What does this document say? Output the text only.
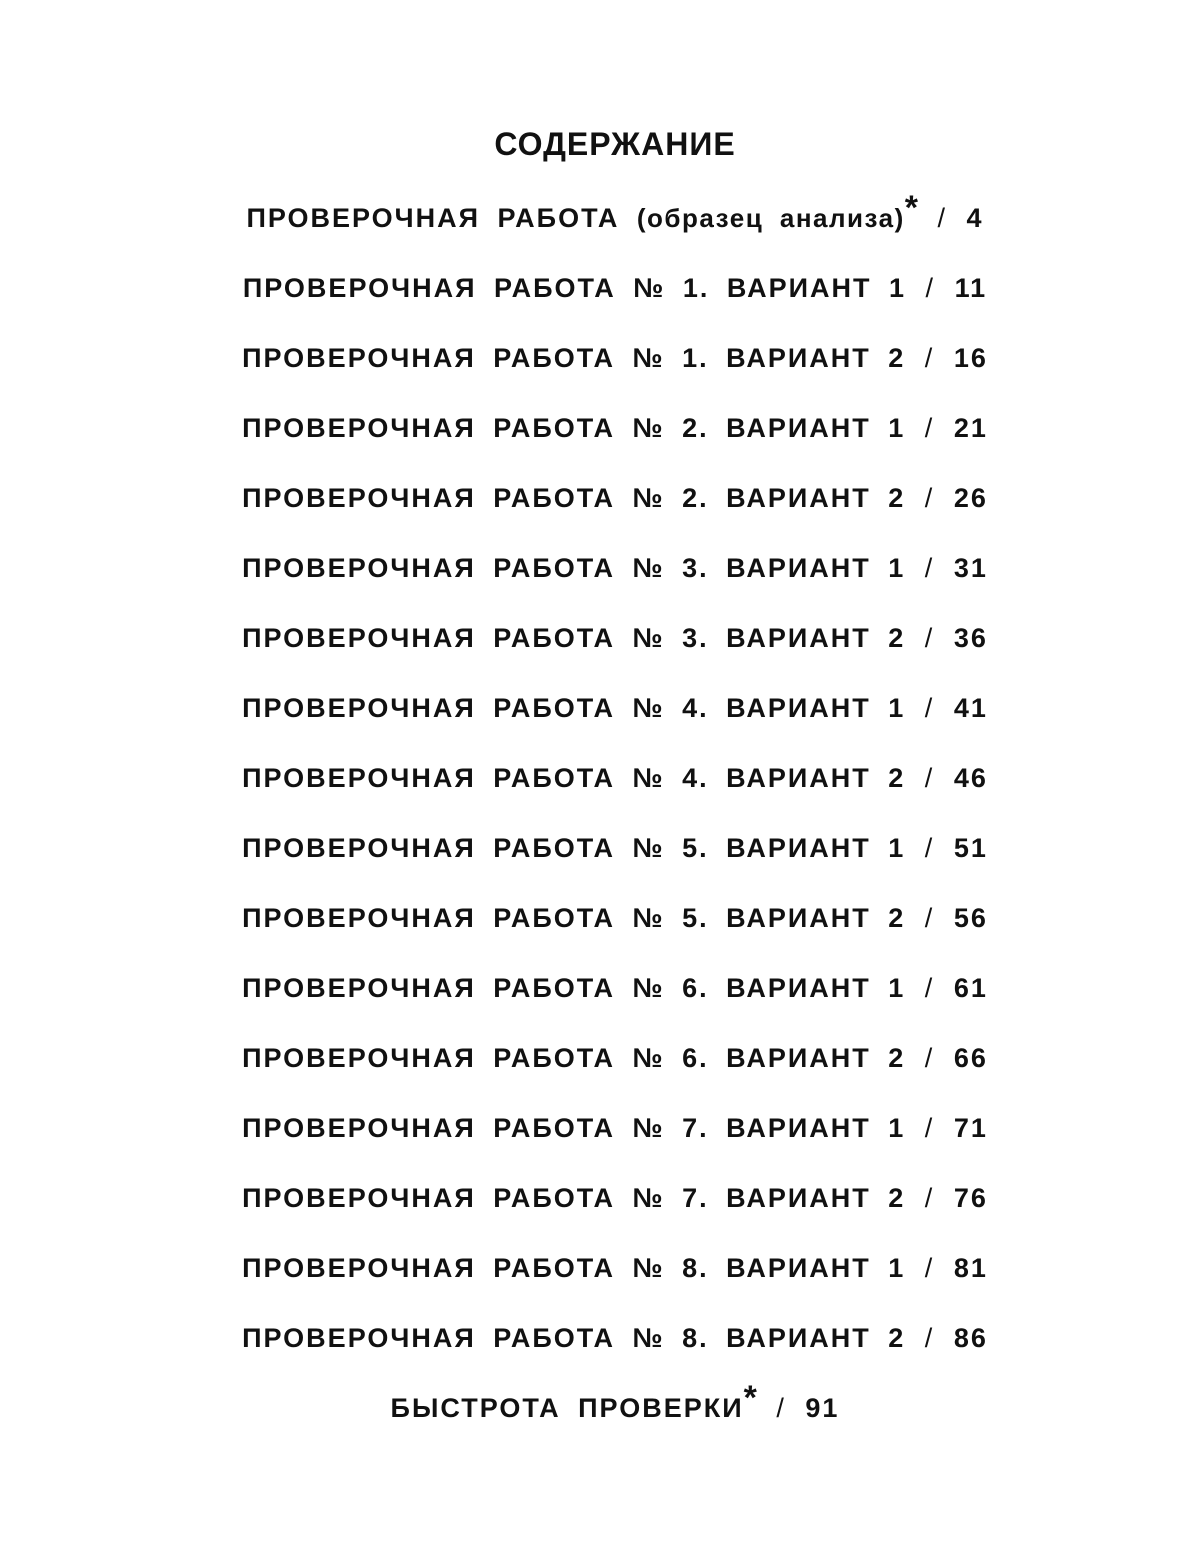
СОДЕРЖАНИЕ
ПРОВЕРОЧНАЯ РАБОТА (образец анализа)* / 4
ПРОВЕРОЧНАЯ РАБОТА № 1. ВАРИАНТ 1 / 11
ПРОВЕРОЧНАЯ РАБОТА № 1. ВАРИАНТ 2 / 16
ПРОВЕРОЧНАЯ РАБОТА № 2. ВАРИАНТ 1 / 21
ПРОВЕРОЧНАЯ РАБОТА № 2. ВАРИАНТ 2 / 26
ПРОВЕРОЧНАЯ РАБОТА № 3. ВАРИАНТ 1 / 31
ПРОВЕРОЧНАЯ РАБОТА № 3. ВАРИАНТ 2 / 36
ПРОВЕРОЧНАЯ РАБОТА № 4. ВАРИАНТ 1 / 41
ПРОВЕРОЧНАЯ РАБОТА № 4. ВАРИАНТ 2 / 46
ПРОВЕРОЧНАЯ РАБОТА № 5. ВАРИАНТ 1 / 51
ПРОВЕРОЧНАЯ РАБОТА № 5. ВАРИАНТ 2 / 56
ПРОВЕРОЧНАЯ РАБОТА № 6. ВАРИАНТ 1 / 61
ПРОВЕРОЧНАЯ РАБОТА № 6. ВАРИАНТ 2 / 66
ПРОВЕРОЧНАЯ РАБОТА № 7. ВАРИАНТ 1 / 71
ПРОВЕРОЧНАЯ РАБОТА № 7. ВАРИАНТ 2 / 76
ПРОВЕРОЧНАЯ РАБОТА № 8. ВАРИАНТ 1 / 81
ПРОВЕРОЧНАЯ РАБОТА № 8. ВАРИАНТ 2 / 86
БЫСТРОТА ПРОВЕРКИ* / 91
